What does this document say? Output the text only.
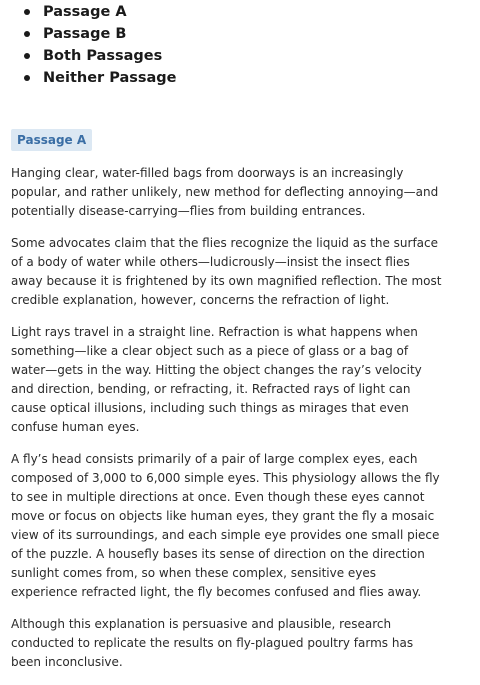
Passage A
Passage B
Both Passages
Neither Passage
Passage A

Hanging clear, water-filled bags from doorways is an increasingly popular, and rather unlikely, new method for deflecting annoying—and potentially disease-carrying—flies from building entrances.

Some advocates claim that the flies recognize the liquid as the surface of a body of water while others—ludicrously—insist the insect flies away because it is frightened by its own magnified reflection. The most credible explanation, however, concerns the refraction of light.

Light rays travel in a straight line. Refraction is what happens when something—like a clear object such as a piece of glass or a bag of water—gets in the way. Hitting the object changes the ray’s velocity and direction, bending, or refracting, it. Refracted rays of light can cause optical illusions, including such things as mirages that even confuse human eyes.

A fly’s head consists primarily of a pair of large complex eyes, each composed of 3,000 to 6,000 simple eyes. This physiology allows the fly to see in multiple directions at once. Even though these eyes cannot move or focus on objects like human eyes, they grant the fly a mosaic view of its surroundings, and each simple eye provides one small piece of the puzzle. A housefly bases its sense of direction on the direction sunlight comes from, so when these complex, sensitive eyes experience refracted light, the fly becomes confused and flies away.

Although this explanation is persuasive and plausible, research conducted to replicate the results on fly-plagued poultry farms has been inconclusive.
